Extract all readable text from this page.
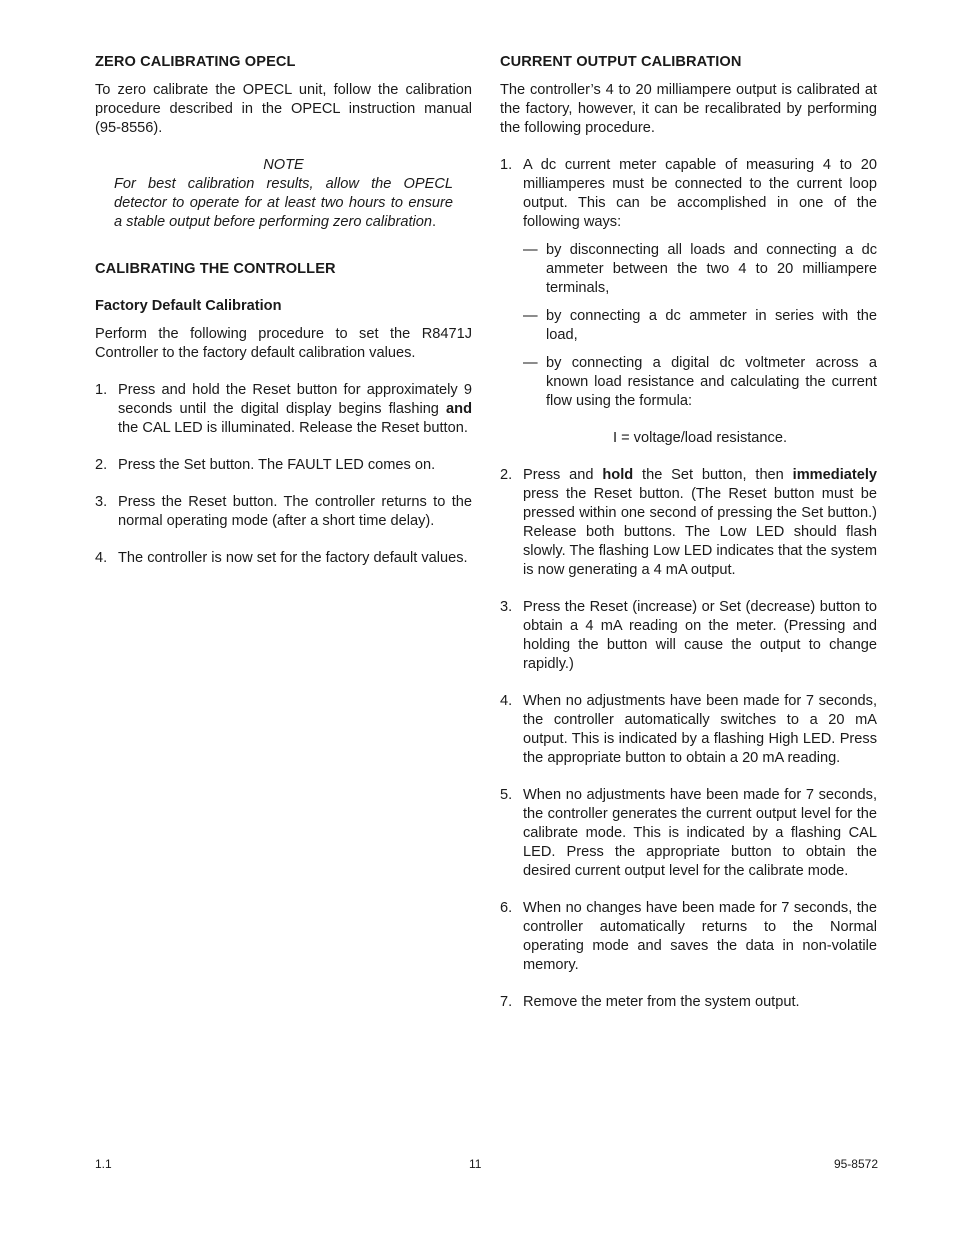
ZERO CALIBRATING OPECL

To zero calibrate the OPECL unit, follow the calibration procedure described in the OPECL instruction manual (95-8556).

NOTE
For best calibration results, allow the OPECL detector to operate for at least two hours to ensure a stable output before performing zero calibration.
CALIBRATING THE CONTROLLER
Factory Default Calibration

Perform the following procedure to set the R8471J Controller to the factory default calibration values.

1. Press and hold the Reset button for approximately 9 seconds until the digital display begins flashing and the CAL LED is illuminated. Release the Reset button.
2. Press the Set button. The FAULT LED comes on.
3. Press the Reset button. The controller returns to the normal operating mode (after a short time delay).
4. The controller is now set for the factory default values.
CURRENT OUTPUT CALIBRATION

The controller’s 4 to 20 milliampere output is calibrated at the factory, however, it can be recalibrated by performing the following procedure.

1. A dc current meter capable of measuring 4 to 20 milliamperes must be connected to the current loop output. This can be accomplished in one of the following ways:
— by disconnecting all loads and connecting a dc ammeter between the two 4 to 20 milliampere terminals,
— by connecting a dc ammeter in series with the load,
— by connecting a digital dc voltmeter across a known load resistance and calculating the current flow using the formula:
I = voltage/load resistance.
2. Press and hold the Set button, then immediately press the Reset button. (The Reset button must be pressed within one second of pressing the Set button.) Release both buttons. The Low LED should flash slowly. The flashing Low LED indicates that the system is now generating a 4 mA output.
3. Press the Reset (increase) or Set (decrease) button to obtain a 4 mA reading on the meter. (Pressing and holding the button will cause the output to change rapidly.)
4. When no adjustments have been made for 7 seconds, the controller automatically switches to a 20 mA output. This is indicated by a flashing High LED. Press the appropriate button to obtain a 20 mA reading.
5. When no adjustments have been made for 7 seconds, the controller generates the current output level for the calibrate mode. This is indicated by a flashing CAL LED. Press the appropriate button to obtain the desired current output level for the calibrate mode.
6. When no changes have been made for 7 seconds, the controller automatically returns to the Normal operating mode and saves the data in non-volatile memory.
7. Remove the meter from the system output.
1.1	11	95-8572
